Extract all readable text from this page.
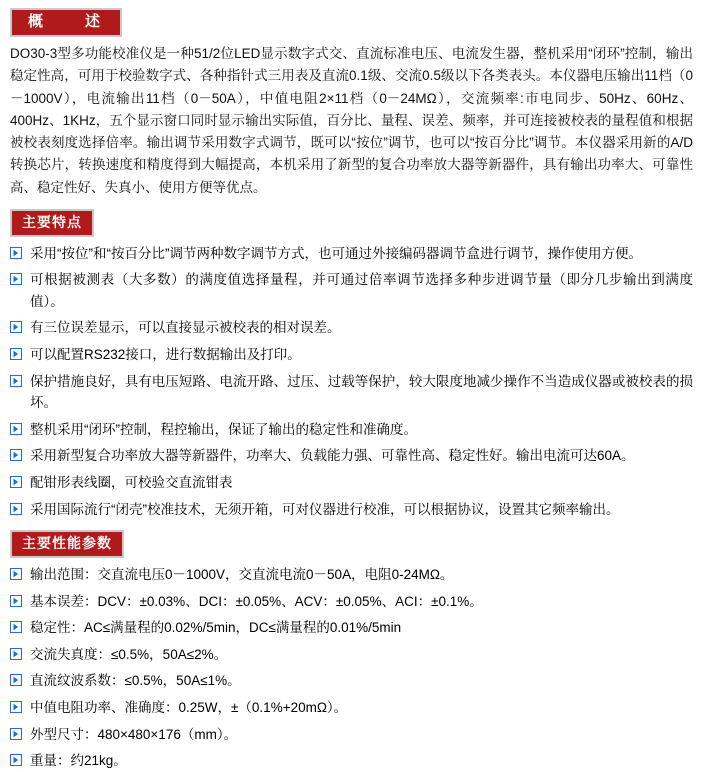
概　　述

DO30-3型多功能校准仪是一种51/2位LED显示数字式交、直流标准电压、电流发生器，整机采用“闭环”控制，输出稳定性高，可用于校验数字式、各种指针式三用表及直流0.1级、交流0.5级以下各类表头。本仪器电压输出11档（0－1000V），电流输出11档（0－50A），中值电阻2×11档（0－24MΩ），交流频率:市电同步、50Hz、60Hz、400Hz、1KHz，五个显示窗口同时显示输出实际值，百分比、量程、误差、频率，并可连接被校表的量程值和根据被校表刻度选择倍率。输出调节采用数字式调节，既可以“按位”调节，也可以“按百分比”调节。本仪器采用新的A/D转换芯片，转换速度和精度得到大幅提高，本机采用了新型的复合功率放大器等新器件，具有输出功率大、可靠性高、稳定性好、失真小、使用方便等优点。

主要特点
采用“按位”和“按百分比”调节两种数字调节方式，也可通过外接编码器调节盒进行调节，操作使用方便。
可根据被测表（大多数）的满度值选择量程，并可通过倍率调节选择多种步进调节量（即分几步输出到满度值）。
有三位误差显示，可以直接显示被校表的相对误差。
可以配置RS232接口，进行数据输出及打印。
保护措施良好，具有电压短路、电流开路、过压、过载等保护，较大限度地减少操作不当造成仪器或被校表的损坏。
整机采用“闭环”控制，程控输出，保证了输出的稳定性和准确度。
采用新型复合功率放大器等新器件，功率大、负载能力强、可靠性高、稳定性好。输出电流可达60A。
配钳形表线圈，可校验交直流钳表
采用国际流行“闭壳”校准技术，无须开箱，可对仪器进行校准，可以根据协议，设置其它频率输出。
主要性能参数
输出范围：交直流电压0－1000V，交直流电流0－50A，电阻0-24MΩ。
基本误差：DCV：±0.03%、DCI：±0.05%、ACV：±0.05%、ACI：±0.1%。
稳定性：AC≤满量程的0.02%/5min，DC≤满量程的0.01%/5min
交流失真度：≤0.5%，50A≤2%。
直流纹波系数：≤0.5%，50A≤1%。
中值电阻功率、准确度：0.25W，±（0.1%+20mΩ）。
外型尺寸：480×480×176（mm）。
重量：约21kg。
